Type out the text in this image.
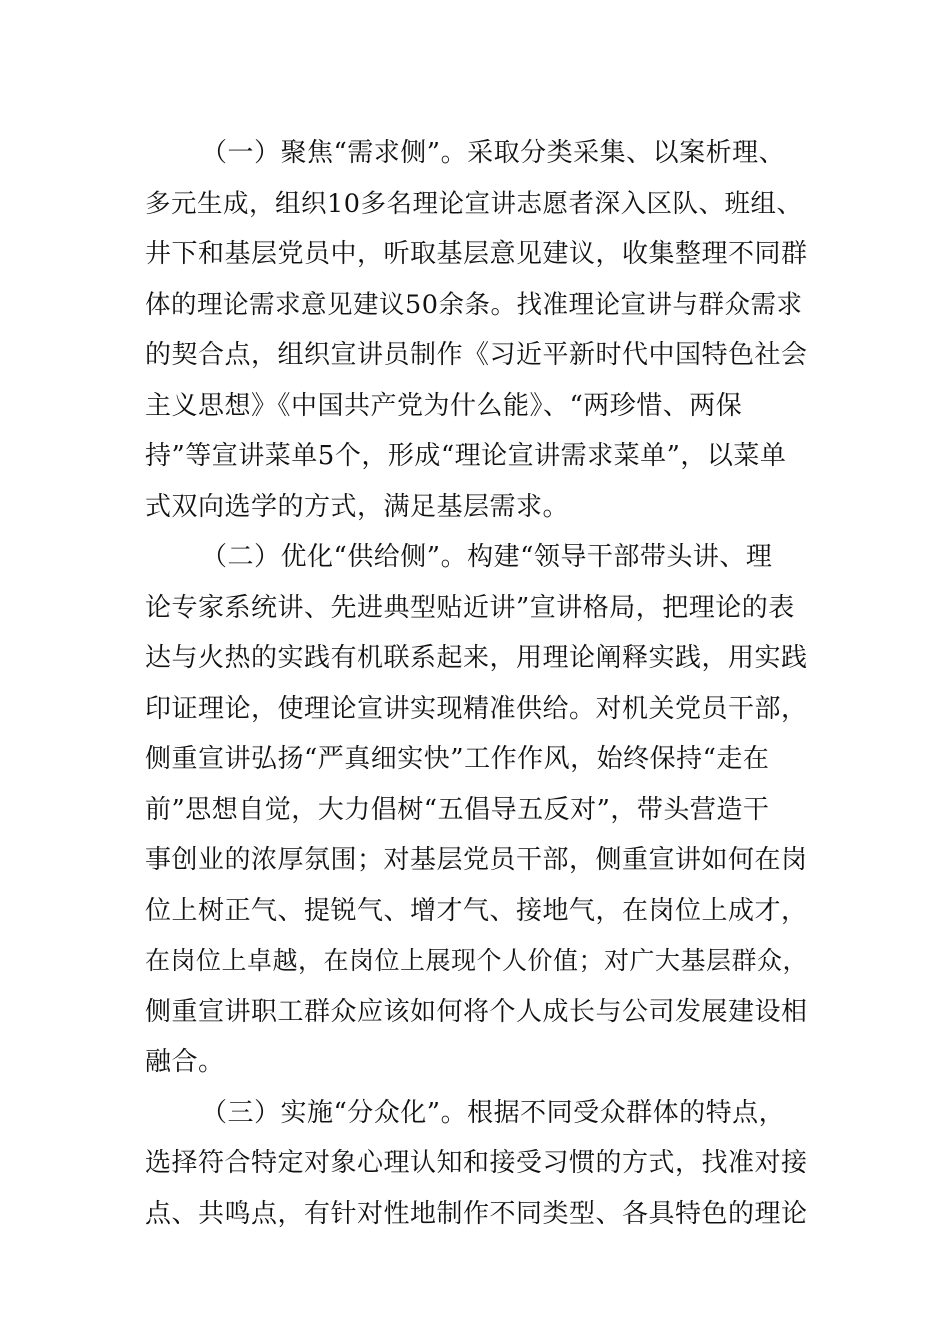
（一）聚焦“需求侧”。采取分类采集、以案析理、
多元生成，组织10多名理论宣讲志愿者深入区队、班组、
井下和基层党员中，听取基层意见建议，收集整理不同群
体的理论需求意见建议50余条。找准理论宣讲与群众需求
的契合点，组织宣讲员制作《习近平新时代中国特色社会
主义思想》《中国共产党为什么能》、“两珍惜、两保
持”等宣讲菜单5个，形成“理论宣讲需求菜单”，以菜单
式双向选学的方式，满足基层需求。
（二）优化“供给侧”。构建“领导干部带头讲、理
论专家系统讲、先进典型贴近讲”宣讲格局，把理论的表
达与火热的实践有机联系起来，用理论阐释实践，用实践
印证理论，使理论宣讲实现精准供给。对机关党员干部，
侧重宣讲弘扬“严真细实快”工作作风，始终保持“走在
前”思想自觉，大力倡树“五倡导五反对”，带头营造干
事创业的浓厚氛围；对基层党员干部，侧重宣讲如何在岗
位上树正气、提锐气、增才气、接地气，在岗位上成才，
在岗位上卓越，在岗位上展现个人价值；对广大基层群众，
侧重宣讲职工群众应该如何将个人成长与公司发展建设相
融合。
（三）实施“分众化”。根据不同受众群体的特点，
选择符合特定对象心理认知和接受习惯的方式，找准对接
点、共鸣点，有针对性地制作不同类型、各具特色的理论
